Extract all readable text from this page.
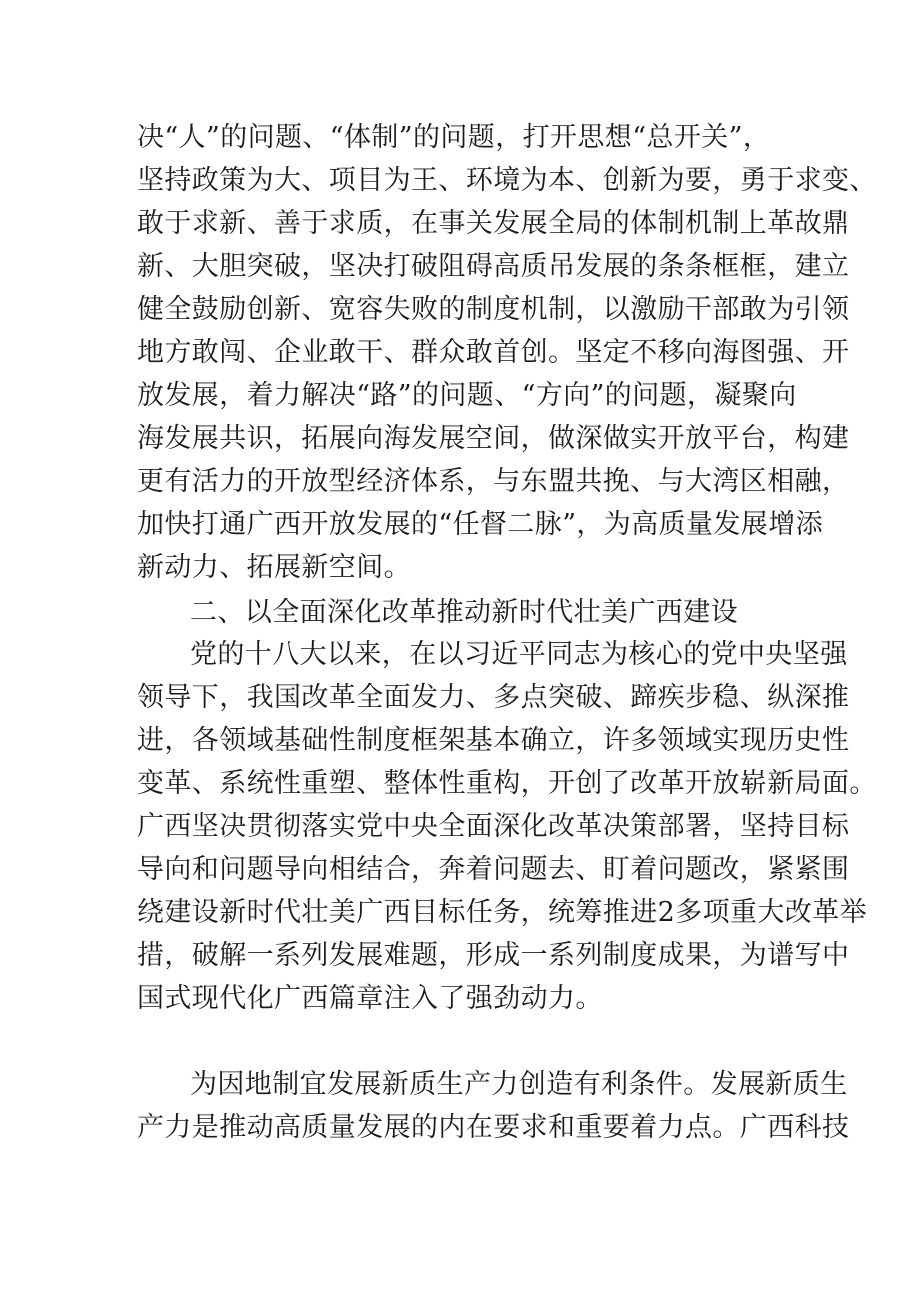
决“人”的问题、“体制”的问题，打开思想“总开关”，
坚持政策为大、项目为王、环境为本、创新为要，勇于求变、
敢于求新、善于求质，在事关发展全局的体制机制上革故鼎
新、大胆突破，坚决打破阻碍高质吊发展的条条框框，建立
健全鼓励创新、宽容失败的制度机制，以激励干部敢为引领
地方敢闯、企业敢干、群众敢首创。坚定不移向海图强、开
放发展，着力解决“路”的问题、“方向”的问题，凝聚向
海发展共识，拓展向海发展空间，做深做实开放平台，构建
更有活力的开放型经济体系，与东盟共挽、与大湾区相融，
加快打通广西开放发展的“任督二脉”，为高质量发展增添
新动力、拓展新空间。
二、以全面深化改革推动新时代壮美广西建设
党的十八大以来，在以习近平同志为核心的党中央坚强
领导下，我国改革全面发力、多点突破、蹄疾步稳、纵深推
进，各领域基础性制度框架基本确立，许多领域实现历史性
变革、系统性重塑、整体性重构，开创了改革开放崭新局面。
广西坚决贯彻落实党中央全面深化改革决策部署，坚持目标
导向和问题导向相结合，奔着问题去、盯着问题改，紧紧围
绕建设新时代壮美广西目标任务，统筹推进2多项重大改革举
措，破解一系列发展难题，形成一系列制度成果，为谱写中
国式现代化广西篇章注入了强劲动力。
为因地制宜发展新质生产力创造有利条件。发展新质生
产力是推动高质量发展的内在要求和重要着力点。广西科技
